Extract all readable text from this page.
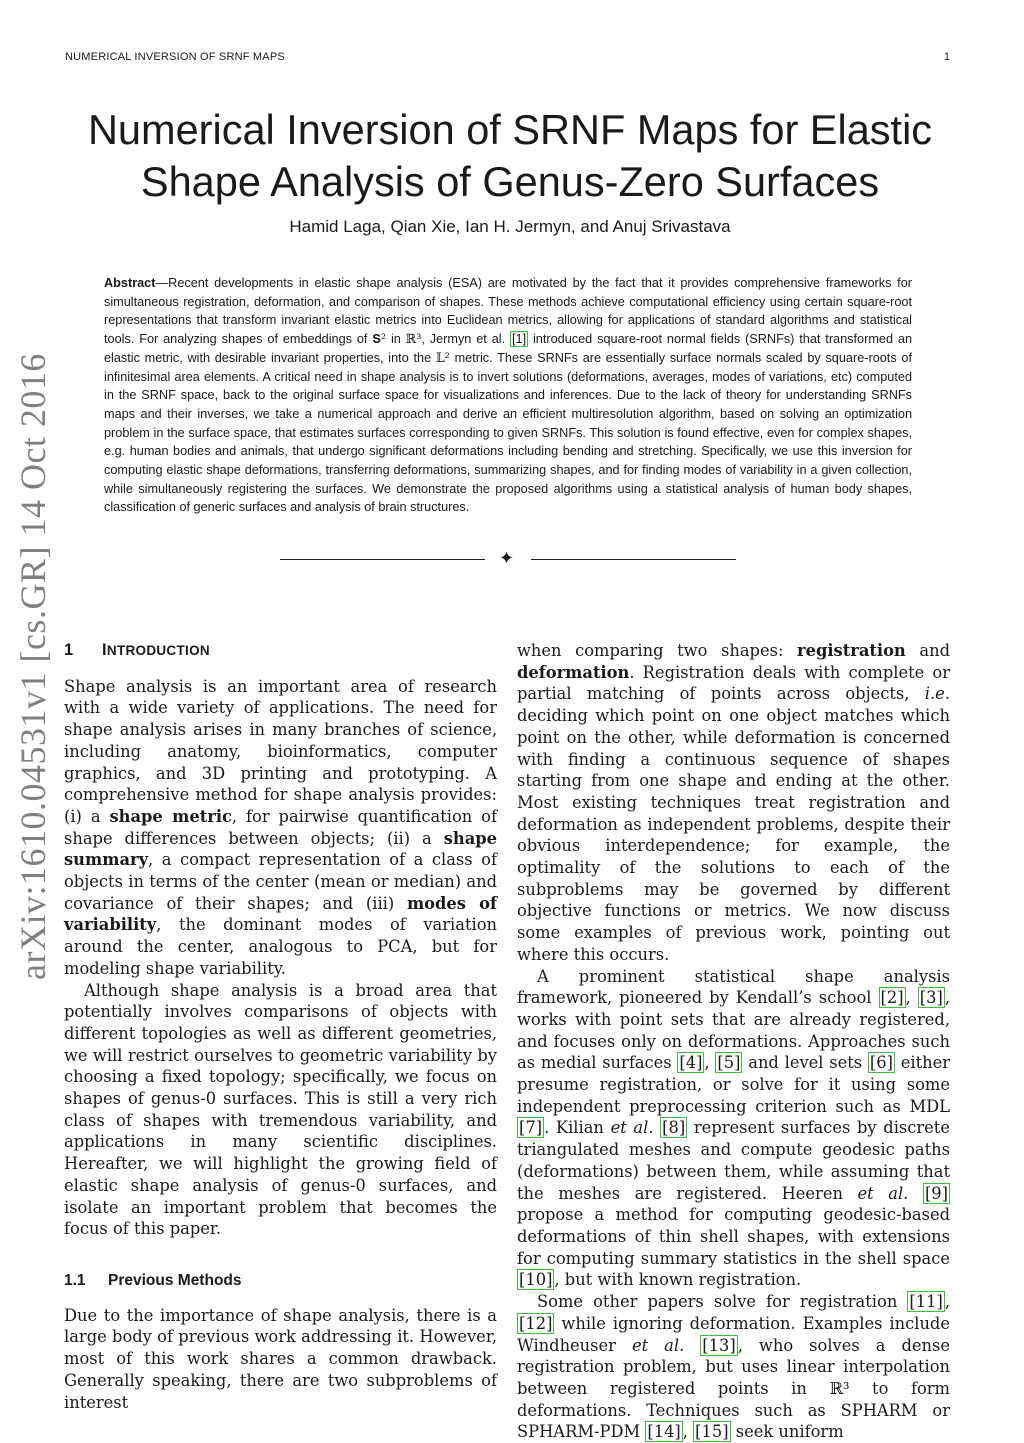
NUMERICAL INVERSION OF SRNF MAPS	1
arXiv:1610.04531v1 [cs.GR] 14 Oct 2016
Numerical Inversion of SRNF Maps for Elastic Shape Analysis of Genus-Zero Surfaces
Hamid Laga, Qian Xie, Ian H. Jermyn, and Anuj Srivastava
Abstract—Recent developments in elastic shape analysis (ESA) are motivated by the fact that it provides comprehensive frameworks for simultaneous registration, deformation, and comparison of shapes. These methods achieve computational efficiency using certain square-root representations that transform invariant elastic metrics into Euclidean metrics, allowing for applications of standard algorithms and statistical tools. For analyzing shapes of embeddings of 𝐒² in ℝ³, Jermyn et al. [1] introduced square-root normal fields (SRNFs) that transformed an elastic metric, with desirable invariant properties, into the 𝕃² metric. These SRNFs are essentially surface normals scaled by square-roots of infinitesimal area elements. A critical need in shape analysis is to invert solutions (deformations, averages, modes of variations, etc) computed in the SRNF space, back to the original surface space for visualizations and inferences. Due to the lack of theory for understanding SRNFs maps and their inverses, we take a numerical approach and derive an efficient multiresolution algorithm, based on solving an optimization problem in the surface space, that estimates surfaces corresponding to given SRNFs. This solution is found effective, even for complex shapes, e.g. human bodies and animals, that undergo significant deformations including bending and stretching. Specifically, we use this inversion for computing elastic shape deformations, transferring deformations, summarizing shapes, and for finding modes of variability in a given collection, while simultaneously registering the surfaces. We demonstrate the proposed algorithms using a statistical analysis of human body shapes, classification of generic surfaces and analysis of brain structures.
✦
1 INTRODUCTION

Shape analysis is an important area of research with a wide variety of applications. The need for shape analysis arises in many branches of science, including anatomy, bioinformatics, computer graphics, and 3D printing and prototyping. A comprehensive method for shape analysis provides: (i) a shape metric, for pairwise quantification of shape differences between objects; (ii) a shape summary, a compact representation of a class of objects in terms of the center (mean or median) and covariance of their shapes; and (iii) modes of variability, the dominant modes of variation around the center, analogous to PCA, but for modeling shape variability.

Although shape analysis is a broad area that potentially involves comparisons of objects with different topologies as well as different geometries, we will restrict ourselves to geometric variability by choosing a fixed topology; specifically, we focus on shapes of genus-0 surfaces. This is still a very rich class of shapes with tremendous variability, and applications in many scientific disciplines. Hereafter, we will highlight the growing field of elastic shape analysis of genus-0 surfaces, and isolate an important problem that becomes the focus of this paper.

1.1 Previous Methods

Due to the importance of shape analysis, there is a large body of previous work addressing it. However, most of this work shares a common drawback. Generally speaking, there are two subproblems of interest

when comparing two shapes: registration and deformation. Registration deals with complete or partial matching of points across objects, i.e. deciding which point on one object matches which point on the other, while deformation is concerned with finding a continuous sequence of shapes starting from one shape and ending at the other. Most existing techniques treat registration and deformation as independent problems, despite their obvious interdependence; for example, the optimality of the solutions to each of the subproblems may be governed by different objective functions or metrics. We now discuss some examples of previous work, pointing out where this occurs.

A prominent statistical shape analysis framework, pioneered by Kendall’s school [2] , [3] , works with point sets that are already registered, and focuses only on deformations. Approaches such as medial surfaces [4] , [5] and level sets [6] either presume registration, or solve for it using some independent preprocessing criterion such as MDL [7] . Kilian et al. [8] represent surfaces by discrete triangulated meshes and compute geodesic paths (deformations) between them, while assuming that the meshes are registered. Heeren et al. [9] propose a method for computing geodesic-based deformations of thin shell shapes, with extensions for computing summary statistics in the shell space [10] , but with known registration.

Some other papers solve for registration [11] , [12] while ignoring deformation. Examples include Windheuser et al. [13] , who solves a dense registration problem, but uses linear interpolation between registered points in ℝ³ to form deformations. Techniques such as SPHARM or SPHARM-PDM [14] , [15] seek uniform
